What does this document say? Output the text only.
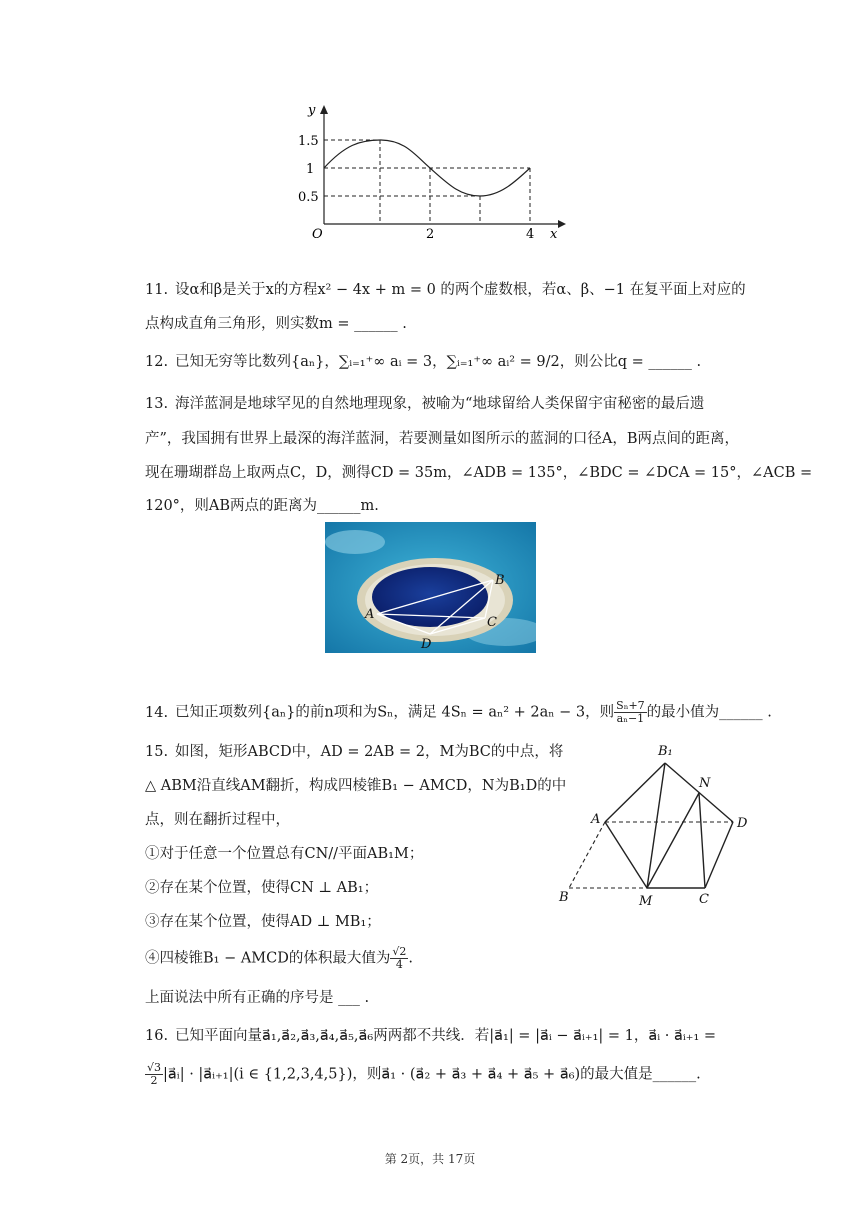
y
x
O
1.5
1
0.5
2	4
11. 设α和β是关于x的方程x² − 4x + m = 0 的两个虚数根，若α、β、−1 在复平面上对应的
点构成直角三角形，则实数m = ______ .
12. 已知无穷等比数列{aₙ}，∑ᵢ₌₁⁺∞ aᵢ = 3，∑ᵢ₌₁⁺∞ aᵢ² = 9/2，则公比q = ______ .
13. 海洋蓝洞是地球罕见的自然地理现象，被喻为“地球留给人类保留宇宙秘密的最后遗
产”，我国拥有世界上最深的海洋蓝洞，若要测量如图所示的蓝洞的口径A，B两点间的距离，
现在珊瑚群岛上取两点C，D，测得CD = 35m，∠ADB = 135°，∠BDC = ∠DCA = 15°，∠ACB =
120°，则AB两点的距离为______m.
A
B
C
D
14. 已知正项数列{aₙ}的前n项和为Sₙ，满足 4Sₙ = aₙ² + 2aₙ − 3，则 $\frac{\text{Sₙ+7}}{\text{aₙ−1}}$ 的最小值为______ .
15. 如图，矩形ABCD中，AD = 2AB = 2，M为BC的中点，将
△ ABM沿直线AM翻折，构成四棱锥B₁ − AMCD，N为B₁D的中
点，则在翻折过程中，
①对于任意一个位置总有CN//平面AB₁M；
②存在某个位置，使得CN ⊥ AB₁；
③存在某个位置，使得AD ⊥ MB₁；
④四棱锥B₁ − AMCD的体积最大值为 $\frac{√2}{4}$ .
上面说法中所有正确的序号是 ___ .
B₁
N
A	D
B	M	C
16. 已知平面向量a⃗₁,a⃗₂,a⃗₃,a⃗₄,a⃗₅,a⃗₆两两都不共线．若|a⃗₁| = |a⃗ᵢ − a⃗ᵢ₊₁| = 1，a⃗ᵢ · a⃗ᵢ₊₁ =
$\frac{√3}{2}$ |a⃗ᵢ| · |a⃗ᵢ₊₁|(i ∈ {1,2,3,4,5})，则a⃗₁ · (a⃗₂ + a⃗₃ + a⃗₄ + a⃗₅ + a⃗₆)的最大值是______.
第 2页，共 17页
